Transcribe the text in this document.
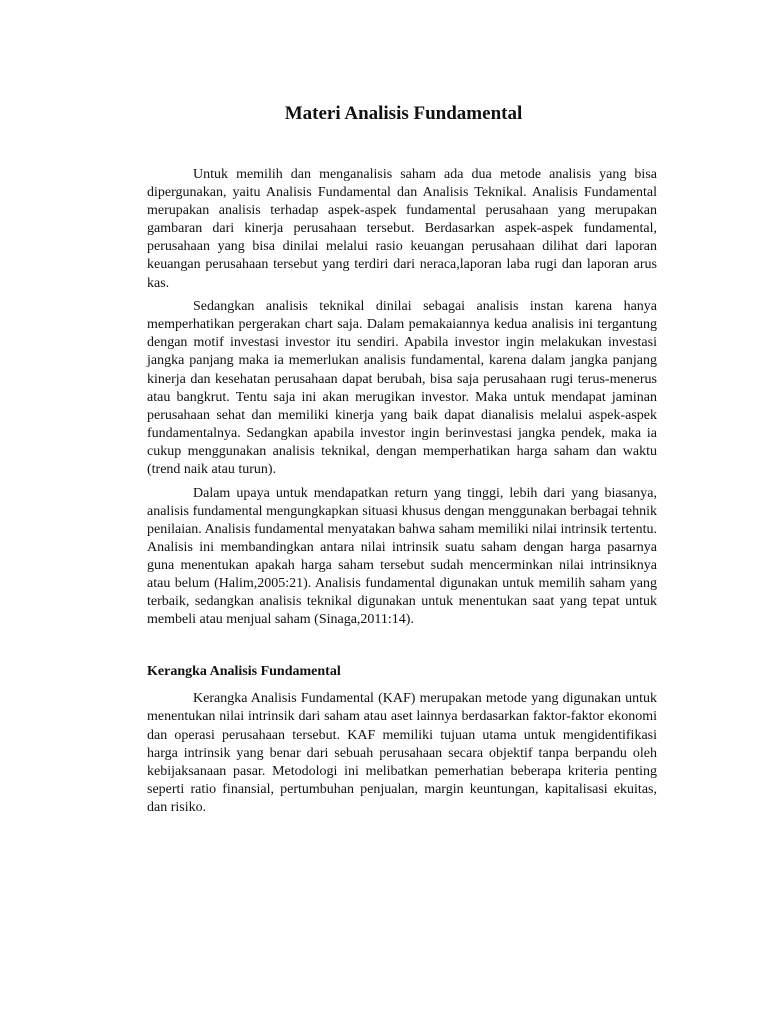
Materi Analisis Fundamental

Untuk memilih dan menganalisis saham ada dua metode analisis yang bisa dipergunakan, yaitu Analisis Fundamental dan Analisis Teknikal. Analisis Fundamental merupakan analisis terhadap aspek-aspek fundamental perusahaan yang merupakan gambaran dari kinerja perusahaan tersebut. Berdasarkan aspek-aspek fundamental, perusahaan yang bisa dinilai melalui rasio keuangan perusahaan dilihat dari laporan keuangan perusahaan tersebut yang terdiri dari neraca,laporan laba rugi dan laporan arus kas.

Sedangkan analisis teknikal dinilai sebagai analisis instan karena hanya memperhatikan pergerakan chart saja. Dalam pemakaiannya kedua analisis ini tergantung dengan motif investasi investor itu sendiri. Apabila investor ingin melakukan investasi jangka panjang maka ia memerlukan analisis fundamental, karena dalam jangka panjang kinerja dan kesehatan perusahaan dapat berubah, bisa saja perusahaan rugi terus-menerus atau bangkrut. Tentu saja ini akan merugikan investor. Maka untuk mendapat jaminan perusahaan sehat dan memiliki kinerja yang baik dapat dianalisis melalui aspek-aspek fundamentalnya. Sedangkan apabila investor ingin berinvestasi jangka pendek, maka ia cukup menggunakan analisis teknikal, dengan memperhatikan harga saham dan waktu (trend naik atau turun).

Dalam upaya untuk mendapatkan return yang tinggi, lebih dari yang biasanya, analisis fundamental mengungkapkan situasi khusus dengan menggunakan berbagai tehnik penilaian. Analisis fundamental menyatakan bahwa saham memiliki nilai intrinsik tertentu. Analisis ini membandingkan antara nilai intrinsik suatu saham dengan harga pasarnya guna menentukan apakah harga saham tersebut sudah mencerminkan nilai intrinsiknya atau belum (Halim,2005:21). Analisis fundamental digunakan untuk memilih saham yang terbaik, sedangkan analisis teknikal digunakan untuk menentukan saat yang tepat untuk membeli atau menjual saham (Sinaga,2011:14).

Kerangka Analisis Fundamental

Kerangka Analisis Fundamental (KAF) merupakan metode yang digunakan untuk menentukan nilai intrinsik dari saham atau aset lainnya berdasarkan faktor-faktor ekonomi dan operasi perusahaan tersebut. KAF memiliki tujuan utama untuk mengidentifikasi harga intrinsik yang benar dari sebuah perusahaan secara objektif tanpa berpandu oleh kebijaksanaan pasar. Metodologi ini melibatkan pemerhatian beberapa kriteria penting seperti ratio finansial, pertumbuhan penjualan, margin keuntungan, kapitalisasi ekuitas, dan risiko.
